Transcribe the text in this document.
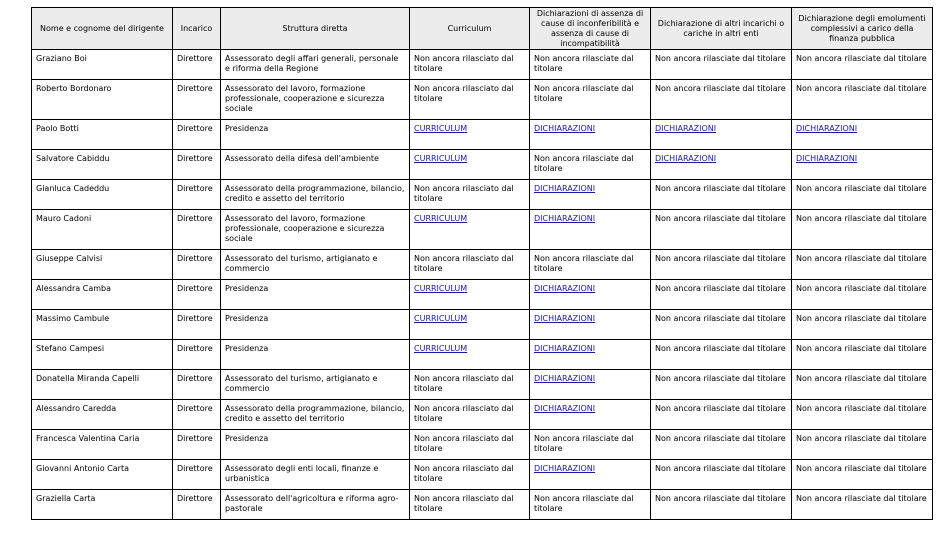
Nome e cognome del dirigente	Incarico	Struttura diretta	Curriculum	Dichiarazioni di assenza di cause di inconferibilità e assenza di cause di incompatibilità	Dichiarazione di altri incarichi o cariche in altri enti	Dichiarazione degli emolumenti complessivi a carico della finanza pubblica
Graziano Boi	Direttore	Assessorato degli affari generali, personale e riforma della Regione	Non ancora rilasciato dal titolare	Non ancora rilasciate dal titolare	Non ancora rilasciate dal titolare	Non ancora rilasciate dal titolare
Roberto Bordonaro	Direttore	Assessorato del lavoro, formazione professionale, cooperazione e sicurezza sociale	Non ancora rilasciato dal titolare	Non ancora rilasciate dal titolare	Non ancora rilasciate dal titolare	Non ancora rilasciate dal titolare
Paolo Botti	Direttore	Presidenza	CURRICULUM	DICHIARAZIONI	DICHIARAZIONI	DICHIARAZIONI
Salvatore Cabiddu	Direttore	Assessorato della difesa dell'ambiente	CURRICULUM	Non ancora rilasciate dal titolare	DICHIARAZIONI	DICHIARAZIONI
Gianluca Cadeddu	Direttore	Assessorato della programmazione, bilancio, credito e assetto del territorio	Non ancora rilasciato dal titolare	DICHIARAZIONI	Non ancora rilasciate dal titolare	Non ancora rilasciate dal titolare
Mauro Cadoni	Direttore	Assessorato del lavoro, formazione professionale, cooperazione e sicurezza sociale	CURRICULUM	DICHIARAZIONI	Non ancora rilasciate dal titolare	Non ancora rilasciate dal titolare
Giuseppe Calvisi	Direttore	Assessorato del turismo, artigianato e commercio	Non ancora rilasciato dal titolare	Non ancora rilasciate dal titolare	Non ancora rilasciate dal titolare	Non ancora rilasciate dal titolare
Alessandra Camba	Direttore	Presidenza	CURRICULUM	DICHIARAZIONI	Non ancora rilasciate dal titolare	Non ancora rilasciate dal titolare
Massimo Cambule	Direttore	Presidenza	CURRICULUM	DICHIARAZIONI	Non ancora rilasciate dal titolare	Non ancora rilasciate dal titolare
Stefano Campesi	Direttore	Presidenza	CURRICULUM	DICHIARAZIONI	Non ancora rilasciate dal titolare	Non ancora rilasciate dal titolare
Donatella Miranda Capelli	Direttore	Assessorato del turismo, artigianato e commercio	Non ancora rilasciato dal titolare	DICHIARAZIONI	Non ancora rilasciate dal titolare	Non ancora rilasciate dal titolare
Alessandro Caredda	Direttore	Assessorato della programmazione, bilancio, credito e assetto del territorio	Non ancora rilasciato dal titolare	DICHIARAZIONI	Non ancora rilasciate dal titolare	Non ancora rilasciate dal titolare
Francesca Valentina Caria	Direttore	Presidenza	Non ancora rilasciato dal titolare	Non ancora rilasciate dal titolare	Non ancora rilasciate dal titolare	Non ancora rilasciate dal titolare
Giovanni Antonio Carta	Direttore	Assessorato degli enti locali, finanze e urbanistica	Non ancora rilasciato dal titolare	DICHIARAZIONI	Non ancora rilasciate dal titolare	Non ancora rilasciate dal titolare
Graziella Carta	Direttore	Assessorato dell'agricoltura e riforma agro-pastorale	Non ancora rilasciato dal titolare	Non ancora rilasciate dal titolare	Non ancora rilasciate dal titolare	Non ancora rilasciate dal titolare
